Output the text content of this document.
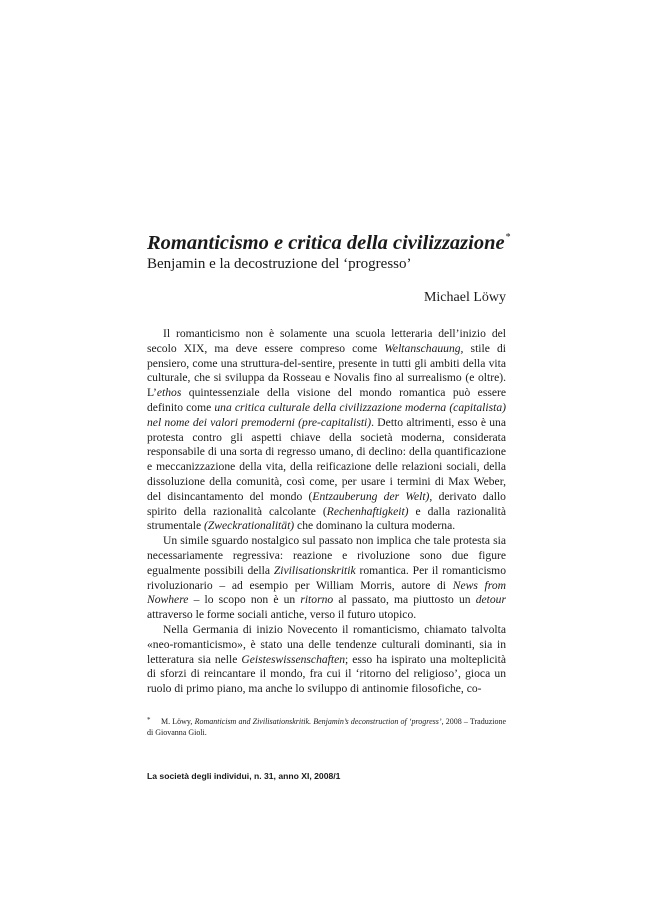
Romanticismo e critica della civilizzazione*

Benjamin e la decostruzione del ‘progresso’

Michael Löwy

Il romanticismo non è solamente una scuola letteraria dell’inizio del secolo XIX, ma deve essere compreso come Weltanschauung, stile di pensiero, come una struttura-del-sentire, presente in tutti gli ambiti della vita culturale, che si sviluppa da Rosseau e Novalis fino al surrealismo (e oltre). L’ethos quintessenziale della visione del mondo romantica può essere definito come una critica culturale della civilizzazione moderna (capitalista) nel nome dei valori premoderni (pre-capitalisti). Detto altrimenti, esso è una protesta contro gli aspetti chiave della società moderna, considerata responsabile di una sorta di regresso umano, di declino: della quantificazione e meccanizzazione della vita, della reificazione delle relazioni sociali, della dissoluzione della comunità, così come, per usare i termini di Max Weber, del disincantamento del mondo (Entzauberung der Welt), derivato dallo spirito della razionalità calcolante (Rechenhaftigkeit) e dalla razionalità strumentale (Zweckrationalität) che dominano la cultura moderna.

Un simile sguardo nostalgico sul passato non implica che tale protesta sia necessariamente regressiva: reazione e rivoluzione sono due figure egualmente possibili della Zivilisationskritik romantica. Per il romanticismo rivoluzionario – ad esempio per William Morris, autore di News from Nowhere – lo scopo non è un ritorno al passato, ma piuttosto un detour attraverso le forme sociali antiche, verso il futuro utopico.

Nella Germania di inizio Novecento il romanticismo, chiamato talvolta «neo-romanticismo», è stato una delle tendenze culturali dominanti, sia in letteratura sia nelle Geisteswissenschaften; esso ha ispirato una molteplicità di sforzi di reincantare il mondo, fra cui il ‘ritorno del religioso’, gioca un ruolo di primo piano, ma anche lo sviluppo di antinomie filosofiche, co-

* M. Löwy, Romanticism and Zivilisationskritik. Benjamin’s deconstruction of ‘progress’, 2008 – Traduzione di Giovanna Gioli.
La società degli individui, n. 31, anno XI, 2008/1
